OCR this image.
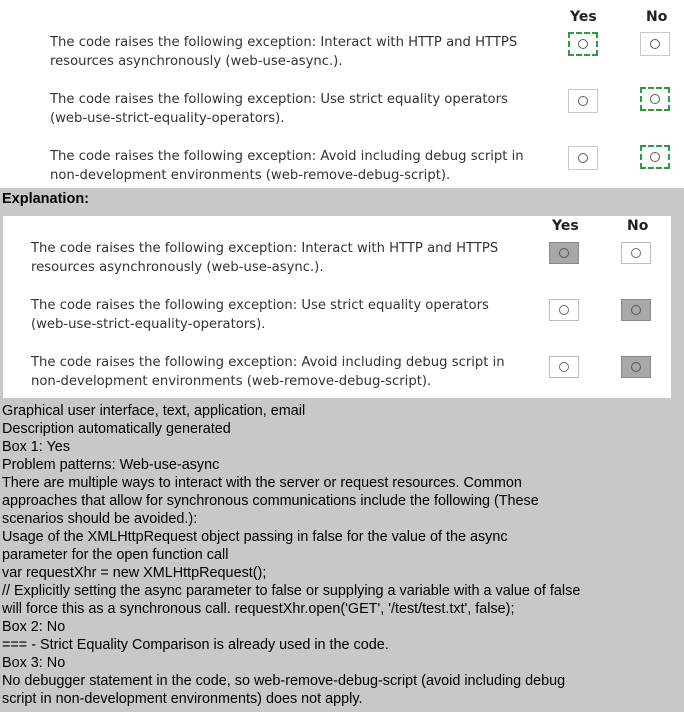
Yes	No
The code raises the following exception: Interact with HTTP and HTTPS
resources asynchronously (web-use-async.).
The code raises the following exception: Use strict equality operators
(web-use-strict-equality-operators).
The code raises the following exception: Avoid including debug script in
non-development environments (web-remove-debug-script).
Explanation:
Yes	No
The code raises the following exception: Interact with HTTP and HTTPS
resources asynchronously (web-use-async.).
The code raises the following exception: Use strict equality operators
(web-use-strict-equality-operators).
The code raises the following exception: Avoid including debug script in
non-development environments (web-remove-debug-script).
Graphical user interface, text, application, email
Description automatically generated
Box 1: Yes
Problem patterns: Web-use-async
There are multiple ways to interact with the server or request resources. Common
approaches that allow for synchronous communications include the following (These
scenarios should be avoided.):
Usage of the XMLHttpRequest object passing in false for the value of the async
parameter for the open function call
var requestXhr = new XMLHttpRequest();
// Explicitly setting the async parameter to false or supplying a variable with a value of false
will force this as a synchronous call. requestXhr.open('GET', '/test/test.txt', false);
Box 2: No
=== - Strict Equality Comparison is already used in the code.
Box 3: No
No debugger statement in the code, so web-remove-debug-script (avoid including debug
script in non-development environments) does not apply.
